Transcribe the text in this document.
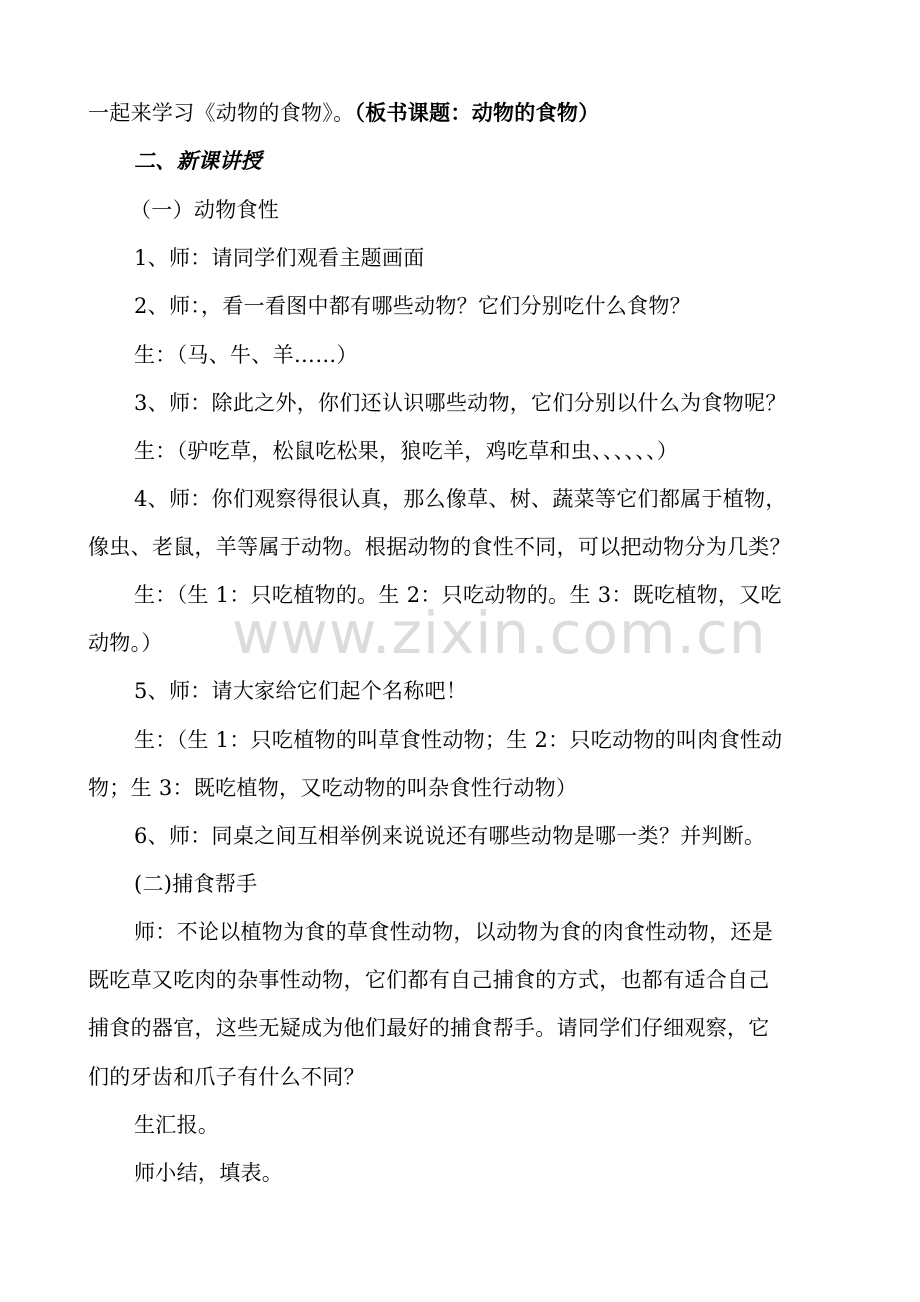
www.zixin.com.cn
一起来学习《动物的食物》。（板书课题：动物的食物）
二、新课讲授
（一）动物食性
1、师：请同学们观看主题画面
2、师：，看一看图中都有哪些动物？它们分别吃什么食物？
生：（马、牛、羊……）
3、师：除此之外，你们还认识哪些动物，它们分别以什么为食物呢？
生：（驴吃草，松鼠吃松果，狼吃羊，鸡吃草和虫、、、、、、）
4、师：你们观察得很认真，那么像草、树、蔬菜等它们都属于植物，
像虫、老鼠，羊等属于动物。根据动物的食性不同，可以把动物分为几类？
生：（生 1：只吃植物的。生 2：只吃动物的。生 3：既吃植物，又吃
动物。）
5、师：请大家给它们起个名称吧！
生：（生 1：只吃植物的叫草食性动物；生 2：只吃动物的叫肉食性动
物；生 3：既吃植物，又吃动物的叫杂食性行动物）
6、师：同桌之间互相举例来说说还有哪些动物是哪一类？并判断。
(二)捕食帮手
师：不论以植物为食的草食性动物，以动物为食的肉食性动物，还是
既吃草又吃肉的杂事性动物，它们都有自己捕食的方式，也都有适合自己
捕食的器官，这些无疑成为他们最好的捕食帮手。请同学们仔细观察，它
们的牙齿和爪子有什么不同？
生汇报。
师小结，填表。
